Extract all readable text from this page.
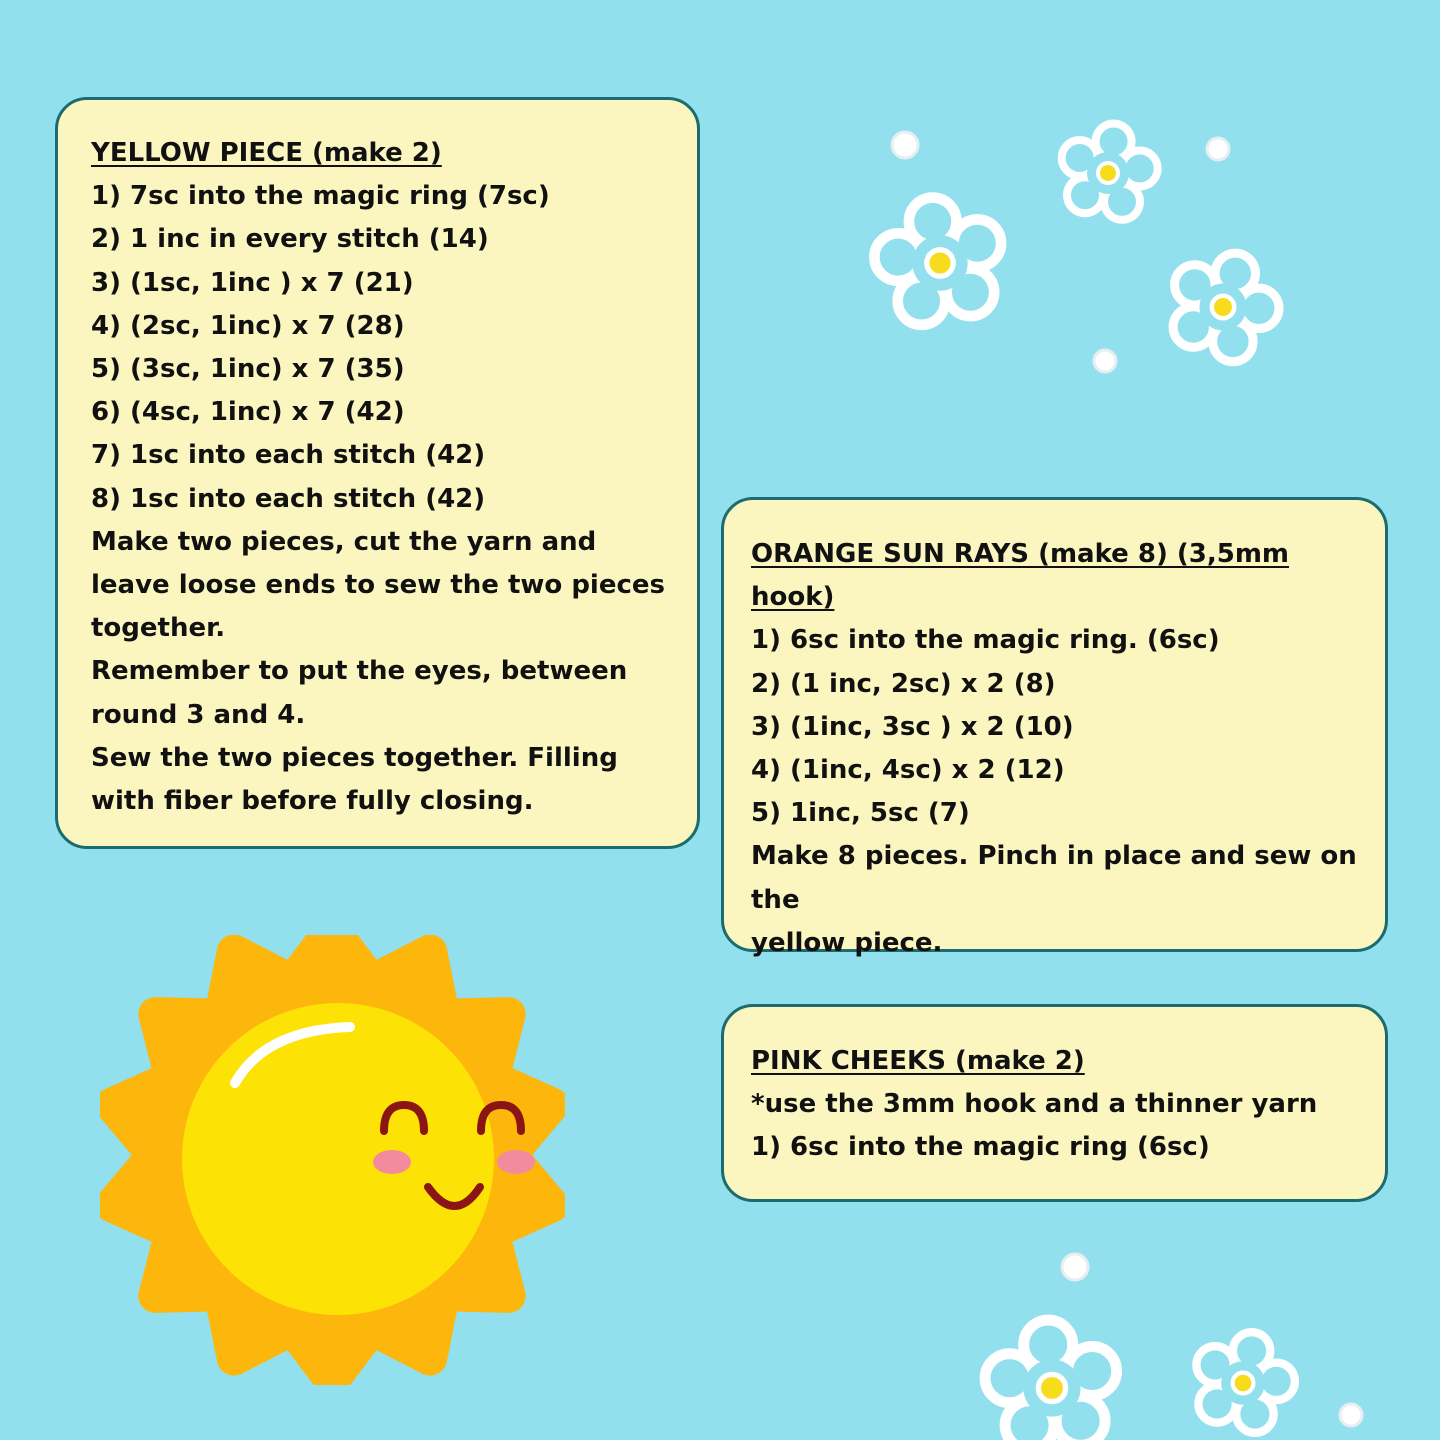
YELLOW PIECE (make 2)

1) 7sc into the magic ring (7sc)

2) 1 inc in every stitch (14)

3) (1sc, 1inc ) x 7 (21)

4) (2sc, 1inc) x 7 (28)

5) (3sc, 1inc) x 7 (35)

6) (4sc, 1inc) x 7 (42)

7) 1sc into each stitch (42)

8) 1sc into each stitch (42)

Make two pieces, cut the yarn and leave loose ends to sew the two pieces together.

Remember to put the eyes, between round 3 and 4.

Sew the two pieces together. Filling with fiber before fully closing.

ORANGE SUN RAYS (make 8) (3,5mm hook)

1) 6sc into the magic ring. (6sc)

2) (1 inc, 2sc) x 2 (8)

3) (1inc, 3sc ) x 2 (10)

4) (1inc, 4sc) x 2 (12)

5) 1inc, 5sc (7)

Make 8 pieces. Pinch in place and sew on the

yellow piece.

PINK CHEEKS (make 2)

*use the 3mm hook and a thinner yarn

1) 6sc into the magic ring (6sc)
